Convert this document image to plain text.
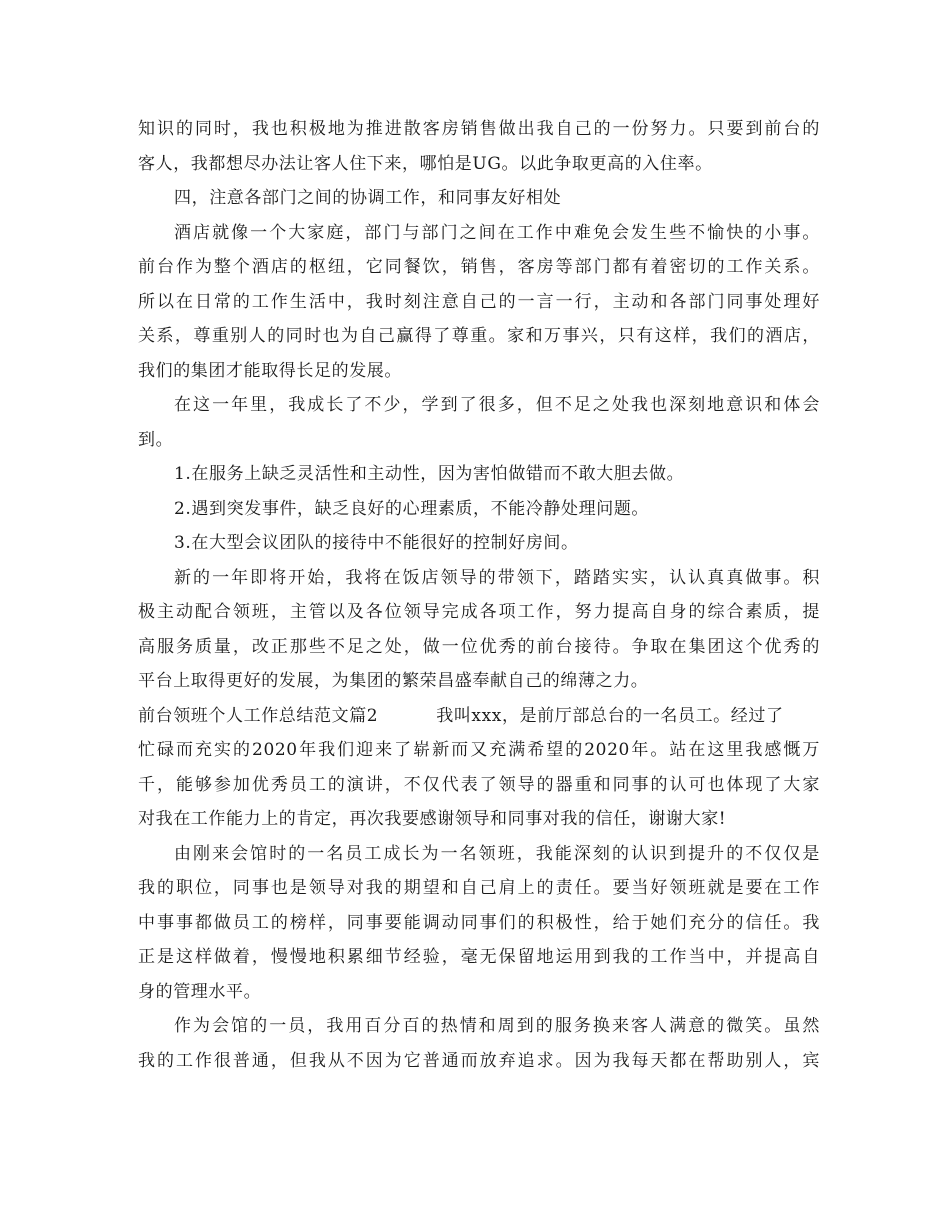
知识的同时，我也积极地为推进散客房销售做出我自己的一份努力。只要到前台的
客人，我都想尽办法让客人住下来，哪怕是UG。以此争取更高的入住率。
四，注意各部门之间的协调工作，和同事友好相处
酒店就像一个大家庭，部门与部门之间在工作中难免会发生些不愉快的小事。
前台作为整个酒店的枢纽，它同餐饮，销售，客房等部门都有着密切的工作关系。
所以在日常的工作生活中，我时刻注意自己的一言一行，主动和各部门同事处理好
关系，尊重别人的同时也为自己赢得了尊重。家和万事兴，只有这样，我们的酒店，
我们的集团才能取得长足的发展。
在这一年里，我成长了不少，学到了很多，但不足之处我也深刻地意识和体会
到。
1.在服务上缺乏灵活性和主动性，因为害怕做错而不敢大胆去做。
2.遇到突发事件，缺乏良好的心理素质，不能冷静处理问题。
3.在大型会议团队的接待中不能很好的控制好房间。
新的一年即将开始，我将在饭店领导的带领下，踏踏实实，认认真真做事。积
极主动配合领班，主管以及各位领导完成各项工作，努力提高自身的综合素质，提
高服务质量，改正那些不足之处，做一位优秀的前台接待。争取在集团这个优秀的
平台上取得更好的发展，为集团的繁荣昌盛奉献自己的绵薄之力。
前台领班个人工作总结范文篇2	我叫xxx，是前厅部总台的一名员工。经过了
忙碌而充实的2020年我们迎来了崭新而又充满希望的2020年。站在这里我感慨万
千，能够参加优秀员工的演讲，不仅代表了领导的器重和同事的认可也体现了大家
对我在工作能力上的肯定，再次我要感谢领导和同事对我的信任，谢谢大家!
由刚来会馆时的一名员工成长为一名领班，我能深刻的认识到提升的不仅仅是
我的职位，同事也是领导对我的期望和自己肩上的责任。要当好领班就是要在工作
中事事都做员工的榜样，同事要能调动同事们的积极性，给于她们充分的信任。我
正是这样做着，慢慢地积累细节经验，毫无保留地运用到我的工作当中，并提高自
身的管理水平。
作为会馆的一员，我用百分百的热情和周到的服务换来客人满意的微笑。虽然
我的工作很普通，但我从不因为它普通而放弃追求。因为我每天都在帮助别人，宾
